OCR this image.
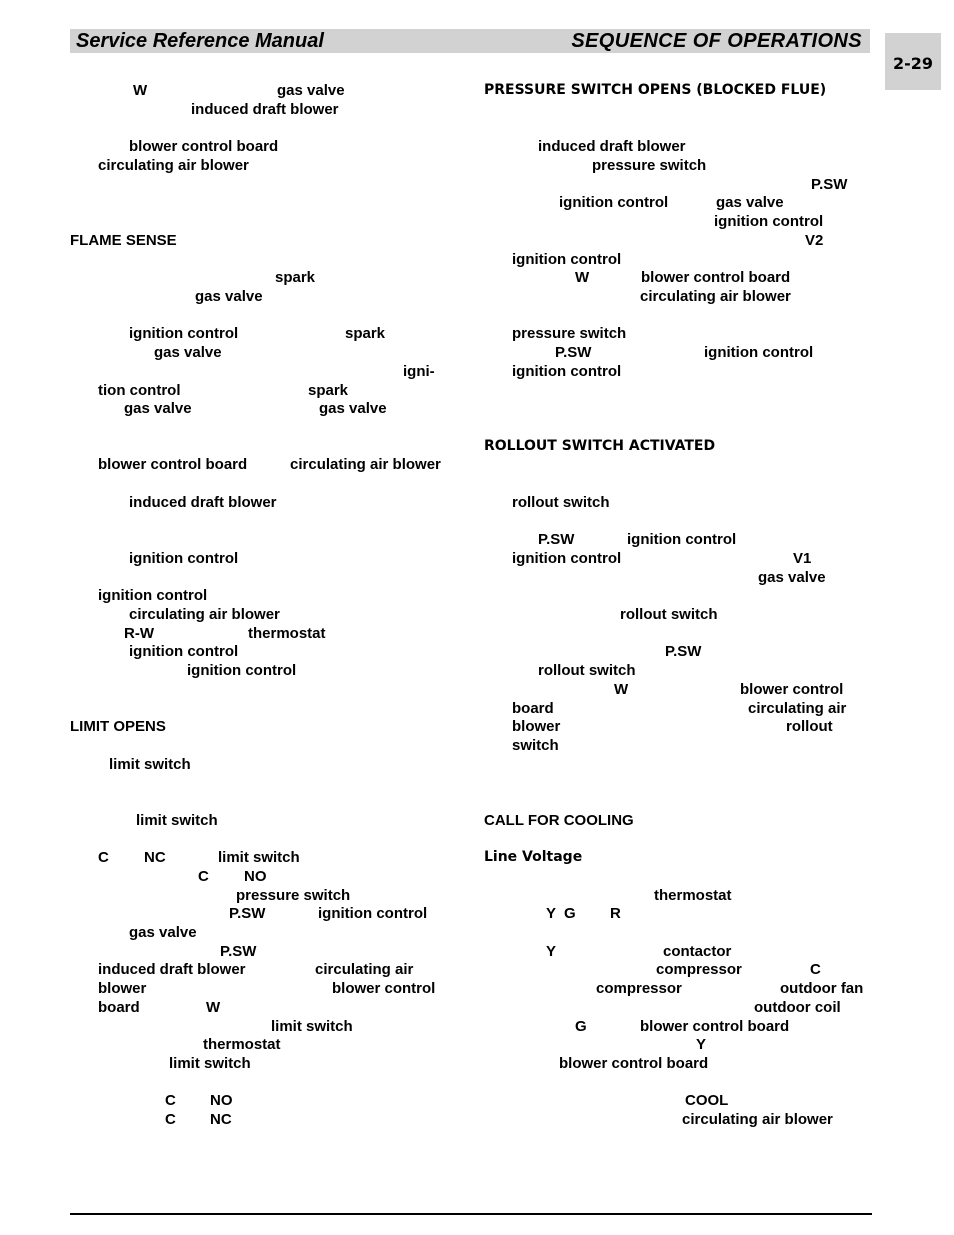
Service Reference Manual	SEQUENCE OF OPERATIONS
2-29
W	gas valve
induced draft blower
blower control board
circulating air blower
FLAME SENSE
spark
gas valve
ignition control	spark
gas valve
igni-
tion control	spark
gas valve	gas valve
blower control board	circulating air blower
induced draft blower
ignition control
ignition control
circulating air blower
R-W	thermostat
ignition control
ignition control
LIMIT OPENS
limit switch
limit switch
C NC	limit switch
C NO
pressure switch
P.SW	ignition control
gas valve
P.SW
induced draft blower	circulating air
blower	blower control
board	W
limit switch
thermostat
limit switch
C NO
C NC
PRESSURE SWITCH OPENS (BLOCKED FLUE)
induced draft blower
pressure switch
P.SW
ignition control	gas valve
ignition control
V2
ignition control
W	blower control board
circulating air blower
pressure switch
P.SW	ignition control
ignition control
ROLLOUT SWITCH ACTIVATED
rollout switch
P.SW	ignition control
ignition control	V1
gas valve
rollout switch
P.SW
rollout switch
W	blower control
board	circulating air
blower	rollout
switch
CALL FOR COOLING
Line Voltage
thermostat
Y G R
Y	contactor
compressor	C
compressor	outdoor fan
outdoor coil
G	blower control board
Y
blower control board
COOL
circulating air blower
